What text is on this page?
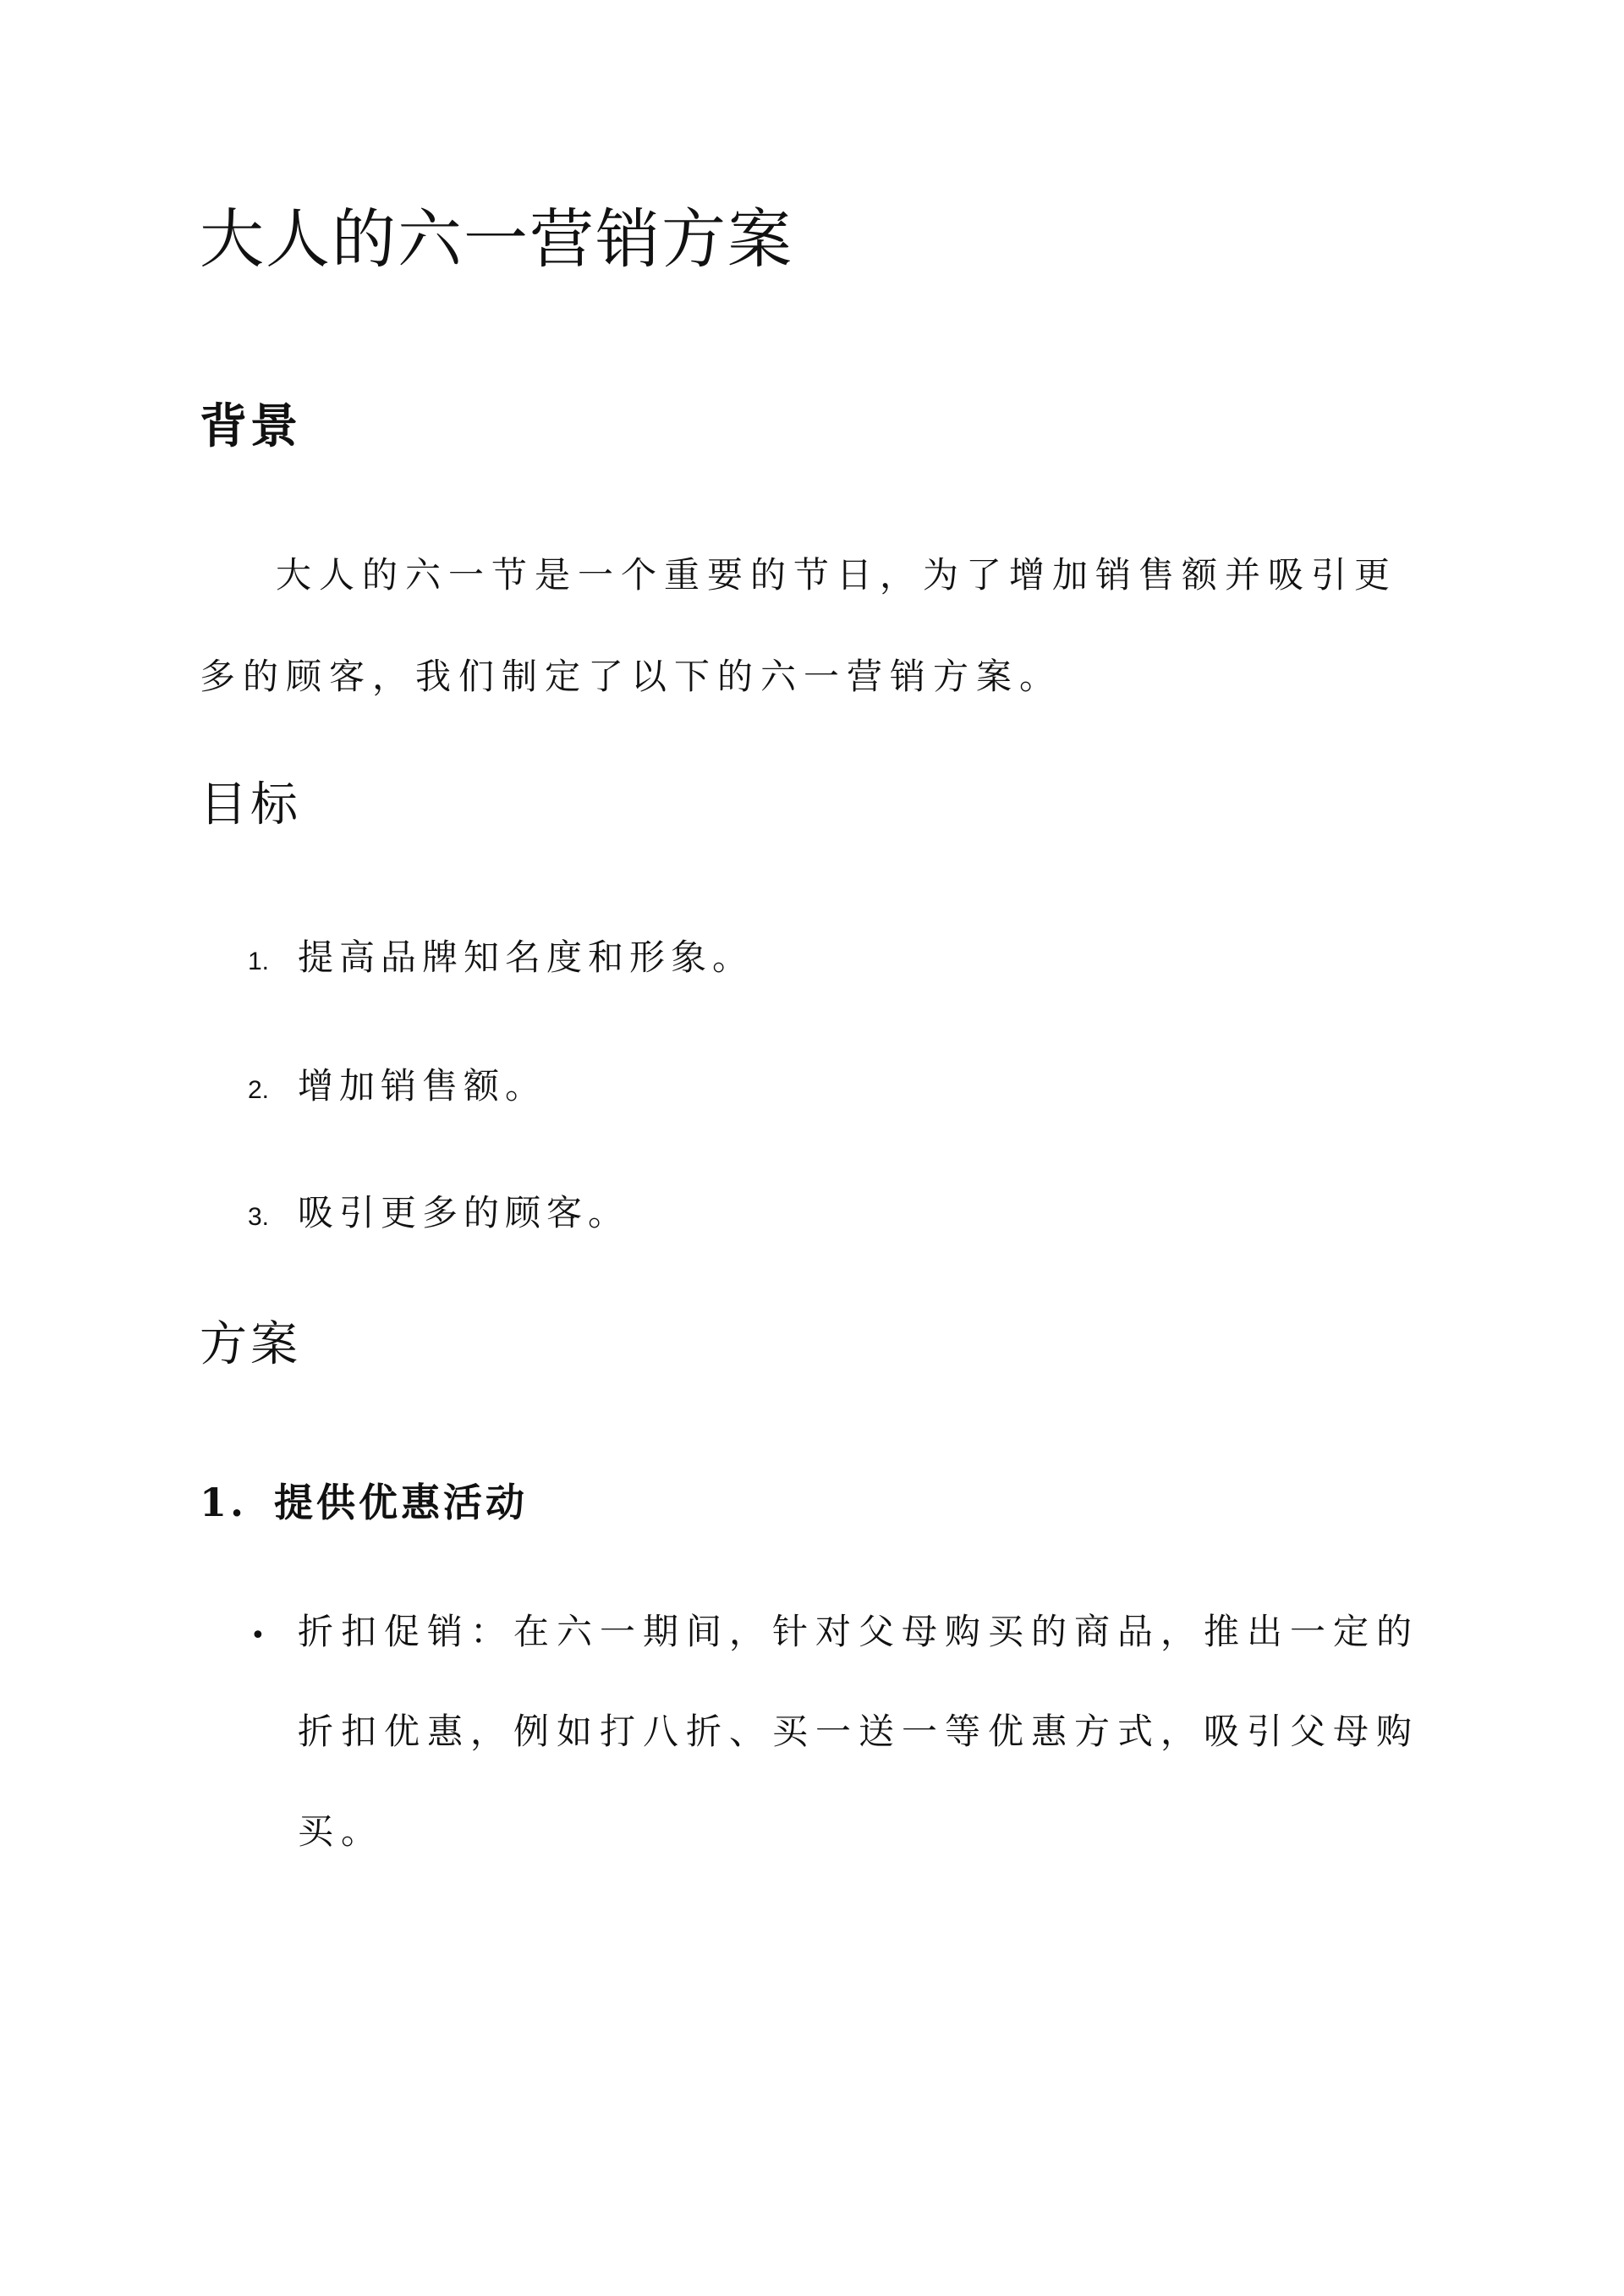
大人的六一营销方案
背景

大人的六一节是一个重要的节日，为了增加销售额并吸引更多的顾客，我们制定了以下的六一营销方案。

目标
1. 提高品牌知名度和形象。
2. 增加销售额。
3. 吸引更多的顾客。
方案
1. 提供优惠活动
• 折扣促销：在六一期间，针对父母购买的商品，推出一定的折扣优惠，例如打八折、买一送一等优惠方式，吸引父母购买。
